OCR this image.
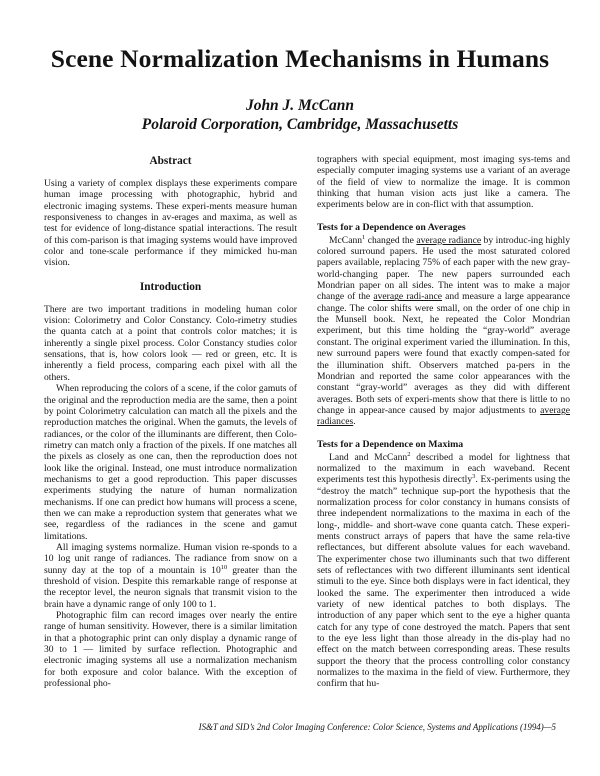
Scene Normalization Mechanisms in Humans
John J. McCann
Polaroid Corporation, Cambridge, Massachusetts
Abstract

Using a variety of complex displays these experiments compare human image processing with photographic, hybrid and electronic imaging systems. These experi-ments measure human responsiveness to changes in av-erages and maxima, as well as test for evidence of long-distance spatial interactions. The result of this com-parison is that imaging systems would have improved color and tone-scale performance if they mimicked hu-man vision.

Introduction

There are two important traditions in modeling human color vision: Colorimetry and Color Constancy. Colo-rimetry studies the quanta catch at a point that controls color matches; it is inherently a single pixel process. Color Constancy studies color sensations, that is, how colors look — red or green, etc. It is inherently a field process, comparing each pixel with all the others.

When reproducing the colors of a scene, if the color gamuts of the original and the reproduction media are the same, then a point by point Colorimetry calculation can match all the pixels and the reproduction matches the original. When the gamuts, the levels of radiances, or the color of the illuminants are different, then Colo-rimetry can match only a fraction of the pixels. If one matches all the pixels as closely as one can, then the reproduction does not look like the original. Instead, one must introduce normalization mechanisms to get a good reproduction. This paper discusses experiments studying the nature of human normalization mechanisms. If one can predict how humans will process a scene, then we can make a reproduction system that generates what we see, regardless of the radiances in the scene and gamut limitations.

All imaging systems normalize. Human vision re-sponds to a 10 log unit range of radiances. The radiance from snow on a sunny day at the top of a mountain is $10^{10}$ greater than the threshold of vision. Despite this remarkable range of response at the receptor level, the neuron signals that transmit vision to the brain have a dynamic range of only 100 to 1.

Photographic film can record images over nearly the entire range of human sensitivity. However, there is a similar limitation in that a photographic print can only display a dynamic range of 30 to 1 — limited by surface reflection. Photographic and electronic imaging systems all use a normalization mechanism for both exposure and color balance. With the exception of professional pho-

tographers with special equipment, most imaging sys-tems and especially computer imaging systems use a variant of an average of the field of view to normalize the image. It is common thinking that human vision acts just like a camera. The experiments below are in con-flict with that assumption.

Tests for a Dependence on Averages

McCann$^1$ changed the average radiance by introduc-ing highly colored surround papers. He used the most saturated colored papers available, replacing 75% of each paper with the new gray-world-changing paper. The new papers surrounded each Mondrian paper on all sides. The intent was to make a major change of the average radi-ance and measure a large appearance change. The color shifts were small, on the order of one chip in the Munsell book. Next, he repeated the Color Mondrian experiment, but this time holding the “gray-world” average constant. The original experiment varied the illumination. In this, new surround papers were found that exactly compen-sated for the illumination shift. Observers matched pa-pers in the Mondrian and reported the same color appearances with the constant “gray-world” averages as they did with different averages. Both sets of experi-ments show that there is little to no change in appear-ance caused by major adjustments to average radiances.

Tests for a Dependence on Maxima

Land and McCann$^2$ described a model for lightness that normalized to the maximum in each waveband. Recent experiments test this hypothesis directly$^3$. Ex-periments using the “destroy the match” technique sup-port the hypothesis that the normalization process for color constancy in humans consists of three independent normalizations to the maxima in each of the long-, middle- and short-wave cone quanta catch. These experi-ments construct arrays of papers that have the same rela-tive reflectances, but different absolute values for each waveband. The experimenter chose two illuminants such that two different sets of reflectances with two different illuminants sent identical stimuli to the eye. Since both displays were in fact identical, they looked the same. The experimenter then introduced a wide variety of new identical patches to both displays. The introduction of any paper which sent to the eye a higher quanta catch for any type of cone destroyed the match. Papers that sent to the eye less light than those already in the dis-play had no effect on the match between corresponding areas. These results support the theory that the process controlling color constancy normalizes to the maxima in the field of view. Furthermore, they confirm that hu-

IS&T and SID’s 2nd Color Imaging Conference: Color Science, Systems and Applications (1994)—5
